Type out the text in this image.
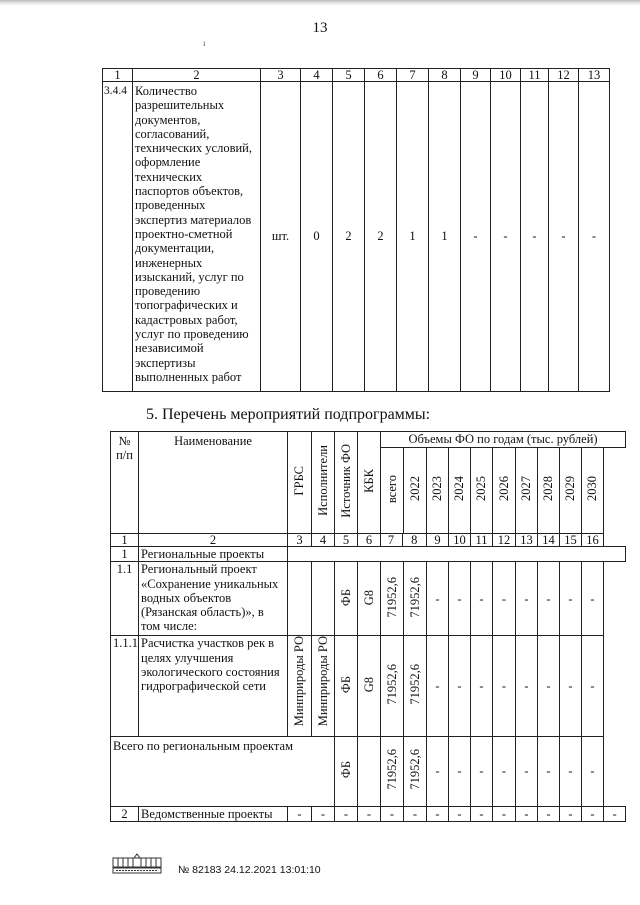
13
ı
1	2	3	4	5	6	7	8	9	10	11	12	13
3.4.4	Количество разрешительных документов, согласований, технических условий, оформление технических паспортов объектов, проведенных экспертиз материалов проектно-сметной документации, инженерных изысканий, услуг по проведению топографических и кадастровых работ, услуг по проведению независимой экспертизы выполненных работ	шт.	0	2	2	1	1	-	-	-	-	-
5. Перечень мероприятий подпрограммы:
№ п/п	Наименование	ГРБС	Исполнители	Источник ФО	КБК	Объемы ФО по годам (тыс. рублей)										
						всего	2022	2023	2024	2025	2026	2027	2028	2029	2030	
1	2	3	4	5	6	7 8		9	10	11	12	13	14	15	16	
1	Региональные проекты															
1.1	Региональный проект «Сохранение уникальных водных объектов (Рязанская область)», в том числе:			ФБ	G8	71952,6	71952,6	-	-	-	-	-	-	-	-	
1.1.1	Расчистка участков рек в целях улучшения экологического состояния гидрографической сети	Минприроды РО	Минприроды РО	ФБ	G8	71952,6	71952,6	-	-	-	-	-	-	-	-	
Всего по региональным проектам				ФБ		71952,6	71952,6	-	-	-	-	-	-	-	-	
2	Ведомственные проекты	-	-	-	-	-	-	-	-	-	-	-	-	-	-	-
№ 82183 24.12.2021 13:01:10
